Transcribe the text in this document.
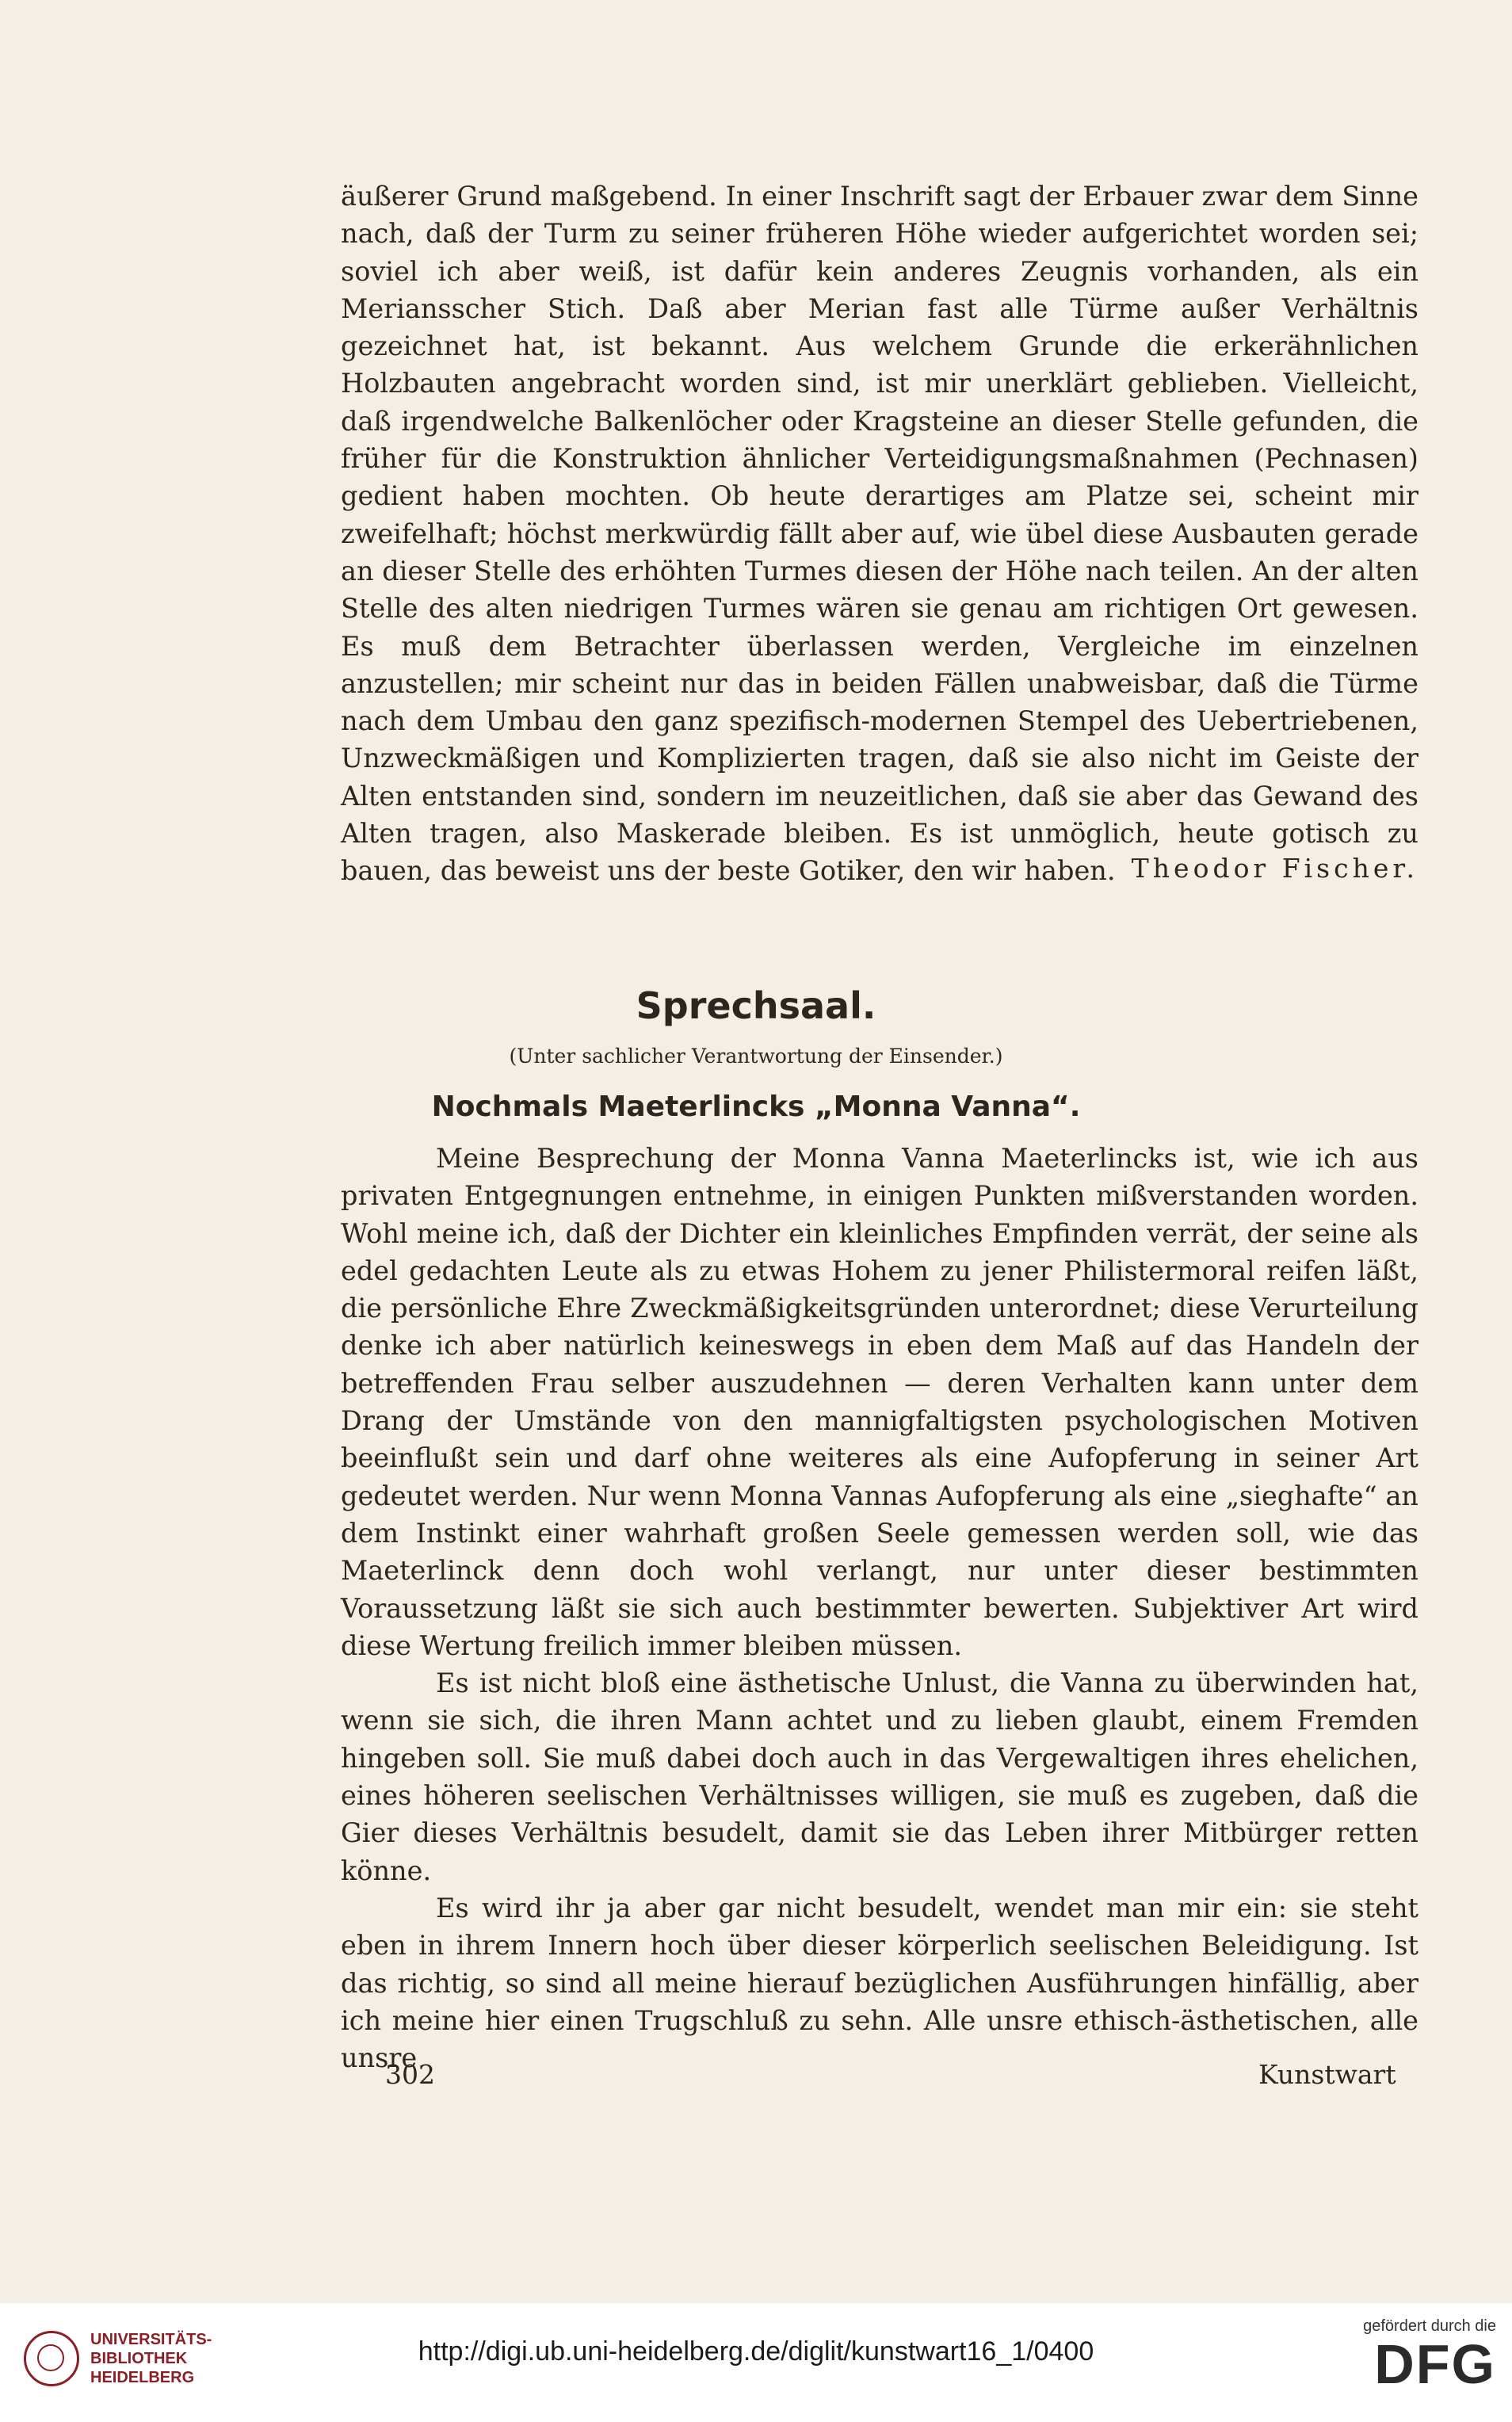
äußerer Grund maßgebend. In einer Inschrift sagt der Erbauer zwar dem Sinne nach, daß der Turm zu seiner früheren Höhe wieder aufgerichtet worden sei; soviel ich aber weiß, ist dafür kein anderes Zeugnis vorhanden, als ein Meriansscher Stich. Daß aber Merian fast alle Türme außer Verhältnis gezeichnet hat, ist bekannt. Aus welchem Grunde die erkerähnlichen Holzbauten angebracht worden sind, ist mir unerklärt geblieben. Vielleicht, daß irgendwelche Balkenlöcher oder Kragsteine an dieser Stelle gefunden, die früher für die Konstruktion ähnlicher Verteidigungsmaßnahmen (Pechnasen) gedient haben mochten. Ob heute derartiges am Platze sei, scheint mir zweifelhaft; höchst merkwürdig fällt aber auf, wie übel diese Ausbauten gerade an dieser Stelle des erhöhten Turmes diesen der Höhe nach teilen. An der alten Stelle des alten niedrigen Turmes wären sie genau am richtigen Ort gewesen. Es muß dem Betrachter überlassen werden, Vergleiche im einzelnen anzustellen; mir scheint nur das in beiden Fällen unabweisbar, daß die Türme nach dem Umbau den ganz spezifisch-modernen Stempel des Uebertriebenen, Unzweckmäßigen und Komplizierten tragen, daß sie also nicht im Geiste der Alten entstanden sind, sondern im neuzeitlichen, daß sie aber das Gewand des Alten tragen, also Maskerade bleiben. Es ist unmöglich, heute gotisch zu bauen, das beweist uns der beste Gotiker, den wir haben. Theodor Fischer.
Sprechsaal.
(Unter sachlicher Verantwortung der Einsender.)
Nochmals Maeterlincks „Monna Vanna“.

Meine Besprechung der Monna Vanna Maeterlincks ist, wie ich aus privaten Entgegnungen entnehme, in einigen Punkten mißverstanden worden. Wohl meine ich, daß der Dichter ein kleinliches Empfinden verrät, der seine als edel gedachten Leute als zu etwas Hohem zu jener Philistermoral reifen läßt, die persönliche Ehre Zweckmäßigkeitsgründen unterordnet; diese Verurteilung denke ich aber natürlich keineswegs in eben dem Maß auf das Handeln der betreffenden Frau selber auszudehnen — deren Verhalten kann unter dem Drang der Umstände von den mannigfaltigsten psychologischen Motiven beeinflußt sein und darf ohne weiteres als eine Aufopferung in seiner Art gedeutet werden. Nur wenn Monna Vannas Aufopferung als eine „sieghafte“ an dem Instinkt einer wahrhaft großen Seele gemessen werden soll, wie das Maeterlinck denn doch wohl verlangt, nur unter dieser bestimmten Voraussetzung läßt sie sich auch bestimmter bewerten. Subjektiver Art wird diese Wertung freilich immer bleiben müssen.

Es ist nicht bloß eine ästhetische Unlust, die Vanna zu überwinden hat, wenn sie sich, die ihren Mann achtet und zu lieben glaubt, einem Fremden hingeben soll. Sie muß dabei doch auch in das Vergewaltigen ihres ehelichen, eines höheren seelischen Verhältnisses willigen, sie muß es zugeben, daß die Gier dieses Verhältnis besudelt, damit sie das Leben ihrer Mitbürger retten könne.

Es wird ihr ja aber gar nicht besudelt, wendet man mir ein: sie steht eben in ihrem Innern hoch über dieser körperlich seelischen Beleidigung. Ist das richtig, so sind all meine hierauf bezüglichen Ausführungen hinfällig, aber ich meine hier einen Trugschluß zu sehn. Alle unsre ethisch-ästhetischen, alle unsre

302	Kunstwart
UNIVERSITÄTS-
BIBLIOTHEK
HEIDELBERG
http://digi.ub.uni-heidelberg.de/diglit/kunstwart16_1/0400
gefördert durch die
DFG
